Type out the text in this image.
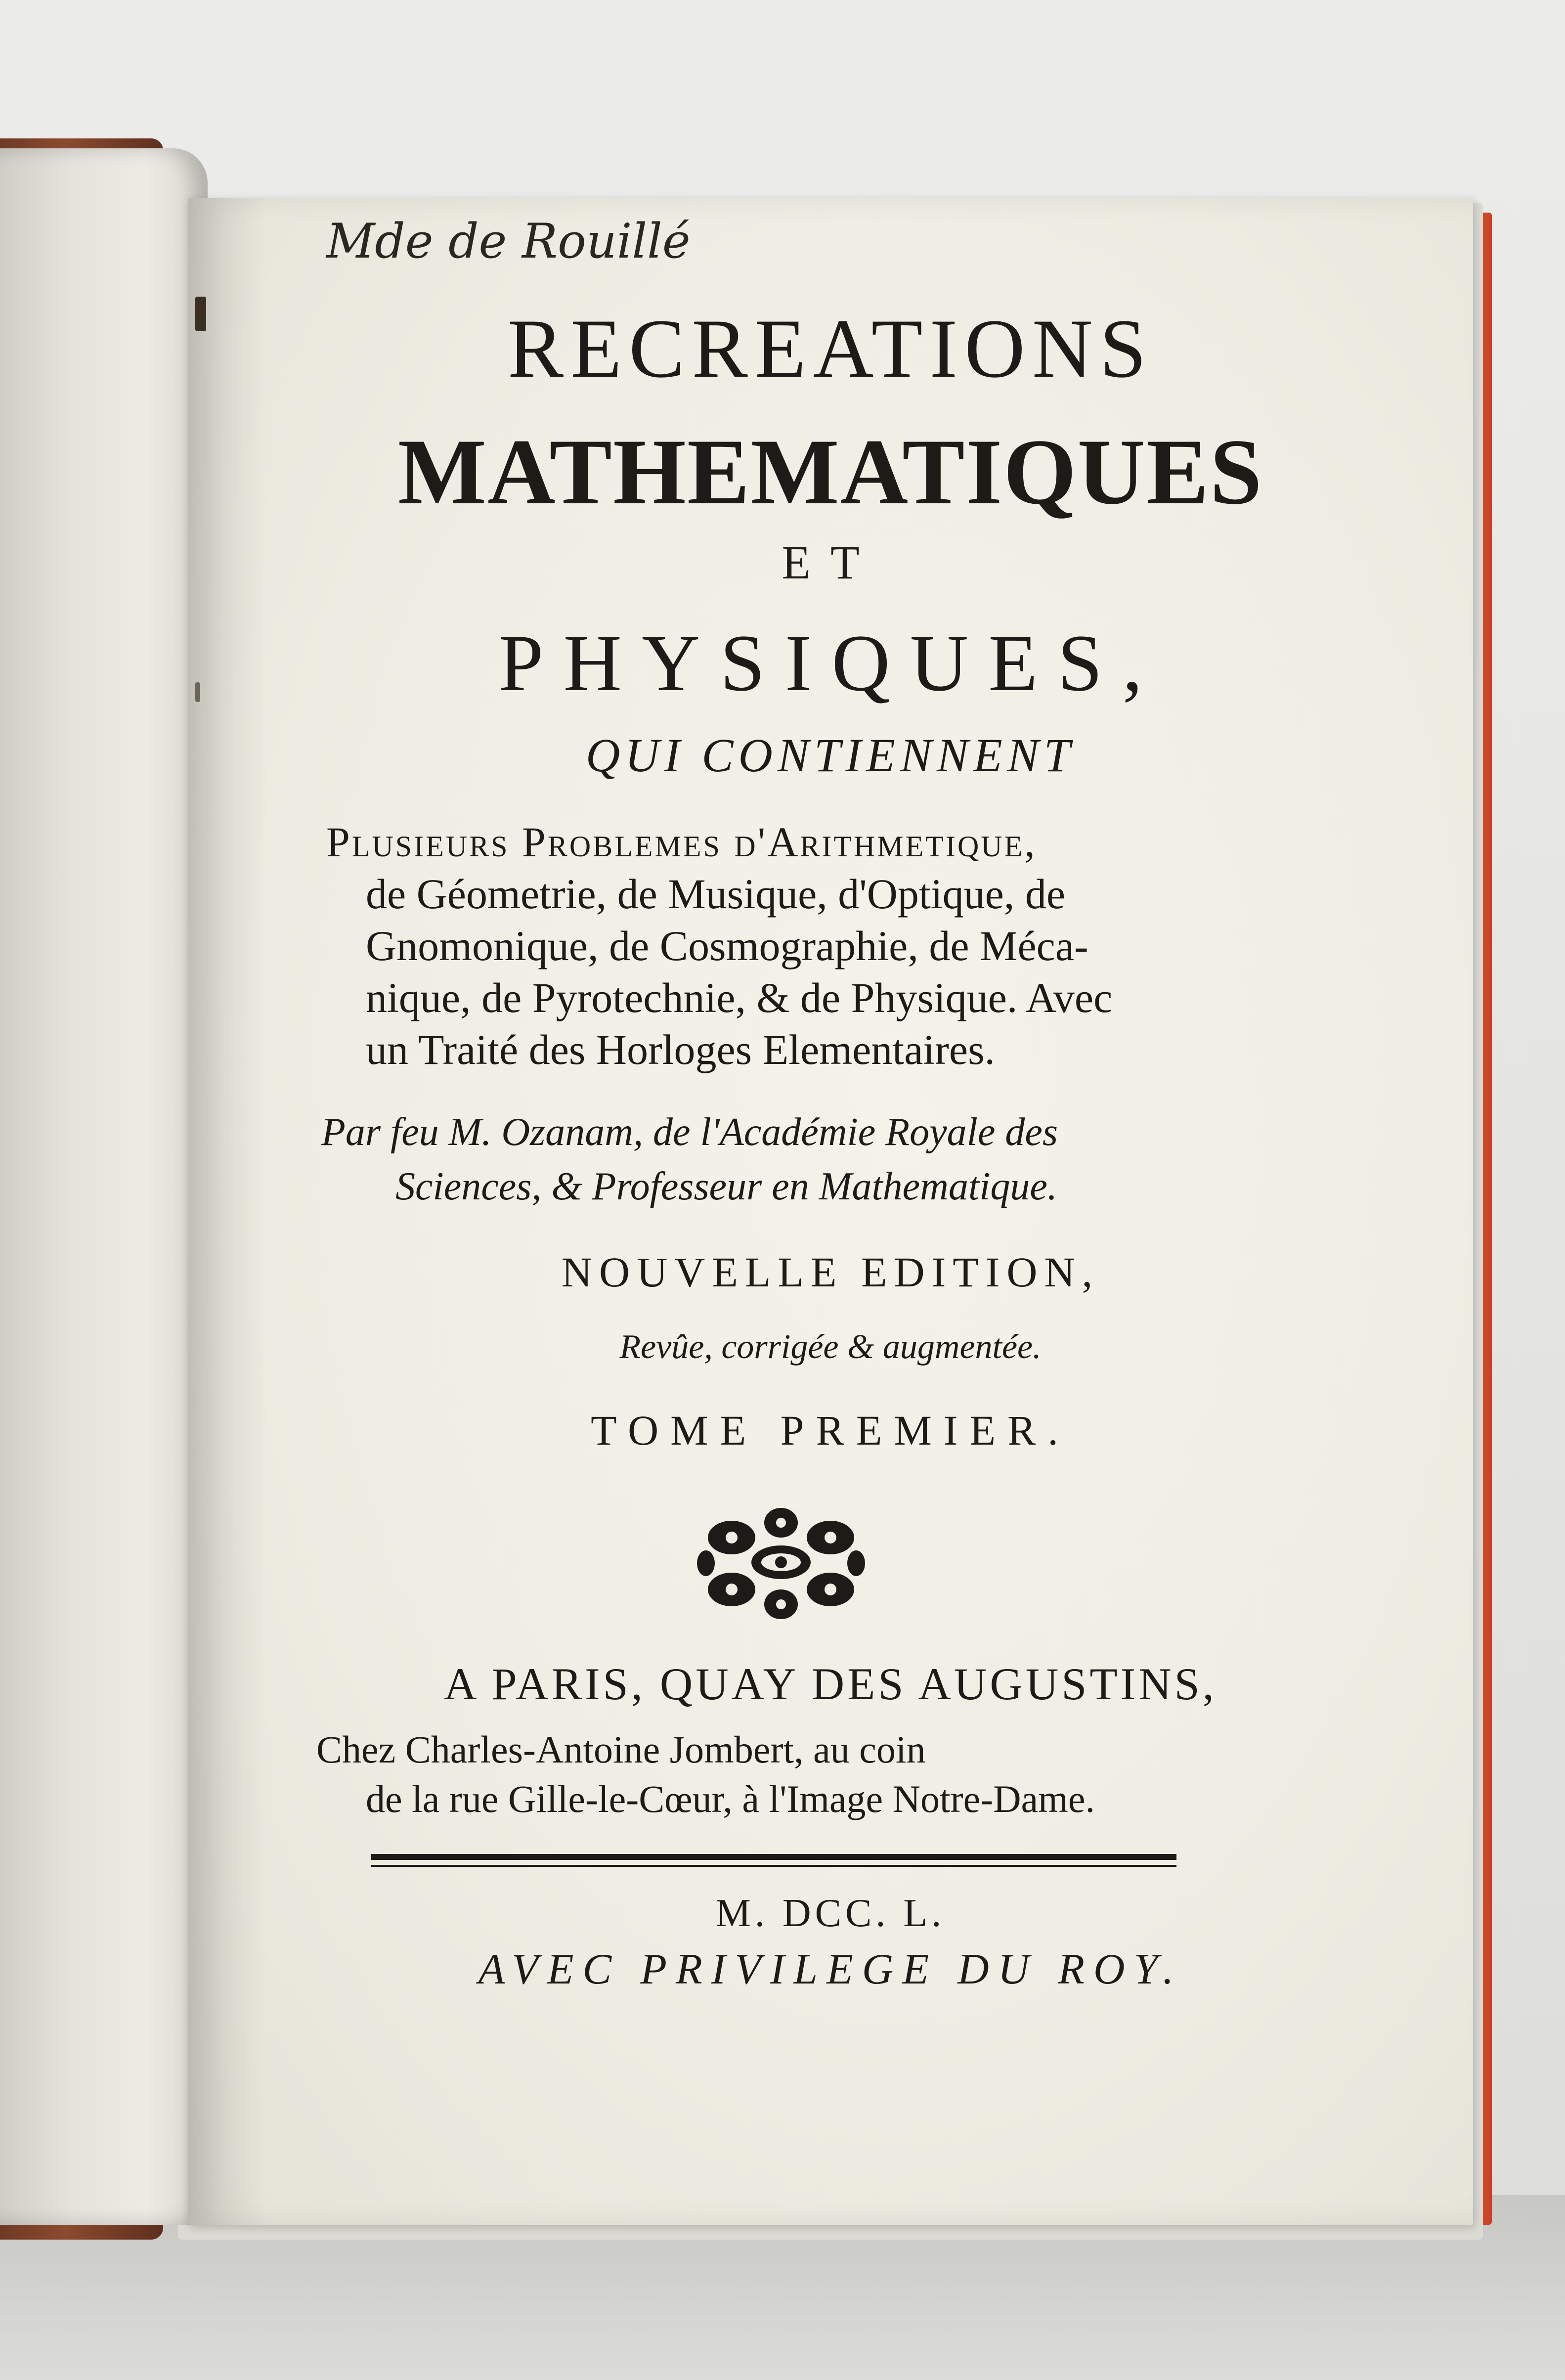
Mde de Rouillé

RECREATIONS

MATHEMATIQUES

ET

PHYSIQUES,

QUI CONTIENNENT

Plusieurs Problemes d'Arithmetique,
de Géometrie, de Musique, d'Optique, de
Gnomonique, de Cosmographie, de Méca-
nique, de Pyrotechnie, & de Physique. Avec
un Traité des Horloges Elementaires.
Par feu M. Ozanam, de l'Académie Royale des
Sciences, & Professeur en Mathematique.

NOUVELLE EDITION,

Revûe, corrigée & augmentée.

TOME PREMIER.

A PARIS, QUAY DES AUGUSTINS,

Chez Charles-Antoine Jombert, au coin
de la rue Gille-le-Cœur, à l'Image Notre-Dame.

M. DCC. L.

AVEC PRIVILEGE DU ROY.
